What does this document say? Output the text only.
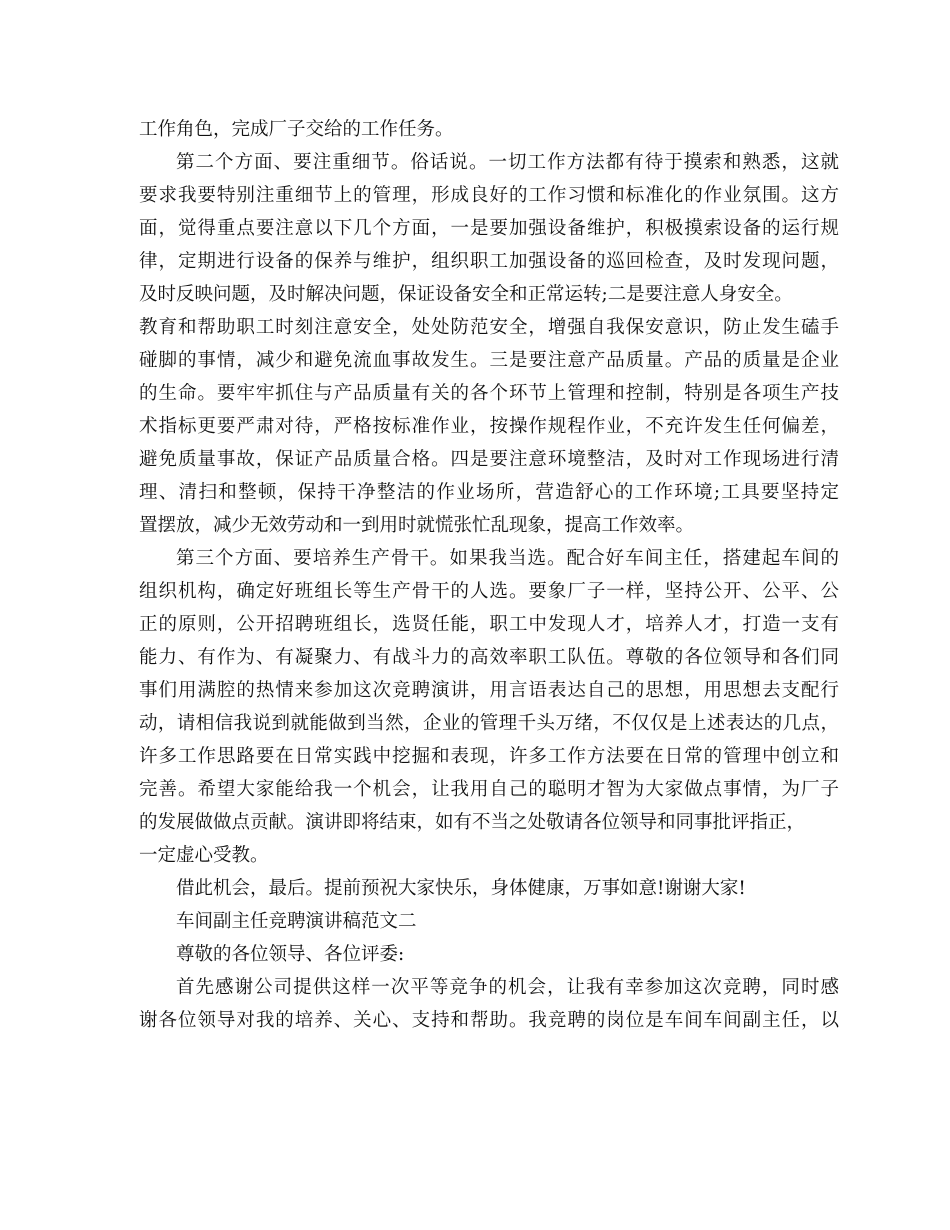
工作角色，完成厂子交给的工作任务。
第二个方面、要注重细节。俗话说。一切工作方法都有待于摸索和熟悉，这就
要求我要特别注重细节上的管理，形成良好的工作习惯和标准化的作业氛围。这方
面，觉得重点要注意以下几个方面，一是要加强设备维护，积极摸索设备的运行规
律，定期进行设备的保养与维护，组织职工加强设备的巡回检查，及时发现问题，
及时反映问题，及时解决问题，保证设备安全和正常运转;二是要注意人身安全。
教育和帮助职工时刻注意安全，处处防范安全，增强自我保安意识，防止发生磕手
碰脚的事情，减少和避免流血事故发生。三是要注意产品质量。产品的质量是企业
的生命。要牢牢抓住与产品质量有关的各个环节上管理和控制，特别是各项生产技
术指标更要严肃对待，严格按标准作业，按操作规程作业，不充许发生任何偏差，
避免质量事故，保证产品质量合格。四是要注意环境整洁，及时对工作现场进行清
理、清扫和整顿，保持干净整洁的作业场所，营造舒心的工作环境;工具要坚持定
置摆放，减少无效劳动和一到用时就慌张忙乱现象，提高工作效率。
第三个方面、要培养生产骨干。如果我当选。配合好车间主任，搭建起车间的
组织机构，确定好班组长等生产骨干的人选。要象厂子一样，坚持公开、公平、公
正的原则，公开招聘班组长，选贤任能，职工中发现人才，培养人才，打造一支有
能力、有作为、有凝聚力、有战斗力的高效率职工队伍。尊敬的各位领导和各们同
事们用满腔的热情来参加这次竞聘演讲，用言语表达自己的思想，用思想去支配行
动，请相信我说到就能做到当然，企业的管理千头万绪，不仅仅是上述表达的几点，
许多工作思路要在日常实践中挖掘和表现，许多工作方法要在日常的管理中创立和
完善。希望大家能给我一个机会，让我用自己的聪明才智为大家做点事情，为厂子
的发展做做点贡献。演讲即将结束，如有不当之处敬请各位领导和同事批评指正，
一定虚心受教。
借此机会，最后。提前预祝大家快乐，身体健康，万事如意!谢谢大家!
车间副主任竞聘演讲稿范文二
尊敬的各位领导、各位评委:
首先感谢公司提供这样一次平等竞争的机会，让我有幸参加这次竞聘，同时感
谢各位领导对我的培养、关心、支持和帮助。我竞聘的岗位是车间车间副主任，以
